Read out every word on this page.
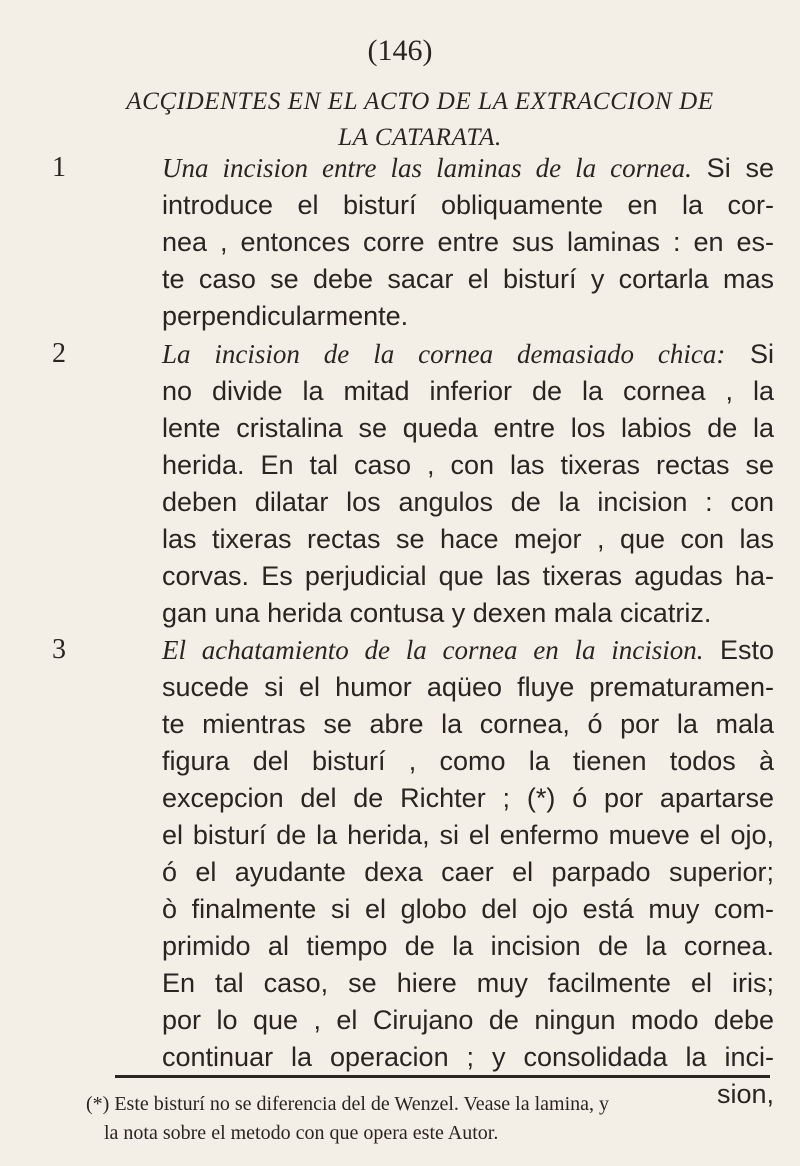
(146)
ACÇIDENTES EN EL ACTO DE LA EXTRACCION DE
LA CATARATA.
1	Una incision entre las laminas de la cornea. Si se
introduce el bisturí obliquamente en la cor-
nea , entonces corre entre sus laminas : en es-
te caso se debe sacar el bisturí y cortarla mas
perpendicularmente.
2	La incision de la cornea demasiado chica: Si
no divide la mitad inferior de la cornea , la
lente cristalina se queda entre los labios de la
herida. En tal caso , con las tixeras rectas se
deben dilatar los angulos de la incision : con
las tixeras rectas se hace mejor , que con las
corvas. Es perjudicial que las tixeras agudas ha-
gan una herida contusa y dexen mala cicatriz.
3	El achatamiento de la cornea en la incision. Esto
sucede si el humor aqüeo fluye prematuramen-
te mientras se abre la cornea, ó por la mala
figura del bisturí , como la tienen todos à
excepcion del de Richter ; (*) ó por apartarse
el bisturí de la herida, si el enfermo mueve el ojo,
ó el ayudante dexa caer el parpado superior;
ò finalmente si el globo del ojo está muy com-
primido al tiempo de la incision de la cornea.
En tal caso, se hiere muy facilmente el iris;
por lo que , el Cirujano de ningun modo debe
continuar la operacion ; y consolidada la inci-
sion,
(*) Este bisturí no se diferencia del de Wenzel. Vease la lamina, y
la nota sobre el metodo con que opera este Autor.
